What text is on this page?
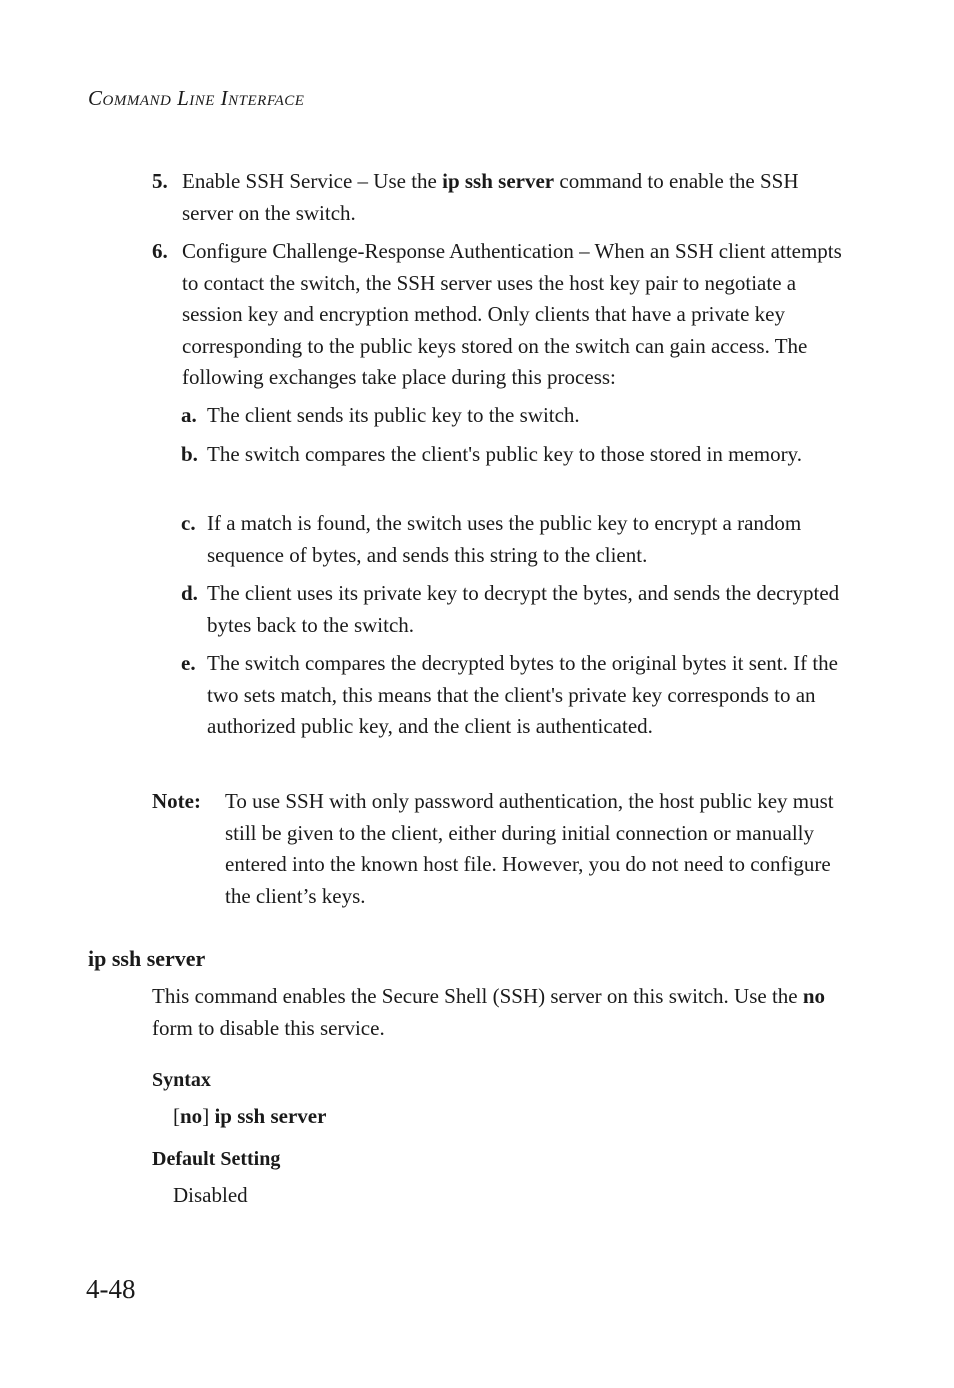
Command Line Interface
5. Enable SSH Service – Use the ip ssh server command to enable the SSH server on the switch.
6. Configure Challenge-Response Authentication – When an SSH client attempts to contact the switch, the SSH server uses the host key pair to negotiate a session key and encryption method. Only clients that have a private key corresponding to the public keys stored on the switch can gain access. The following exchanges take place during this process:
a. The client sends its public key to the switch.
b. The switch compares the client's public key to those stored in memory.
c. If a match is found, the switch uses the public key to encrypt a random sequence of bytes, and sends this string to the client.
d. The client uses its private key to decrypt the bytes, and sends the decrypted bytes back to the switch.
e. The switch compares the decrypted bytes to the original bytes it sent. If the two sets match, this means that the client's private key corresponds to an authorized public key, and the client is authenticated.
Note: To use SSH with only password authentication, the host public key must still be given to the client, either during initial connection or manually entered into the known host file. However, you do not need to configure the client’s keys.
ip ssh server
This command enables the Secure Shell (SSH) server on this switch. Use the no form to disable this service.
Syntax
[no] ip ssh server
Default Setting
Disabled
4-48
